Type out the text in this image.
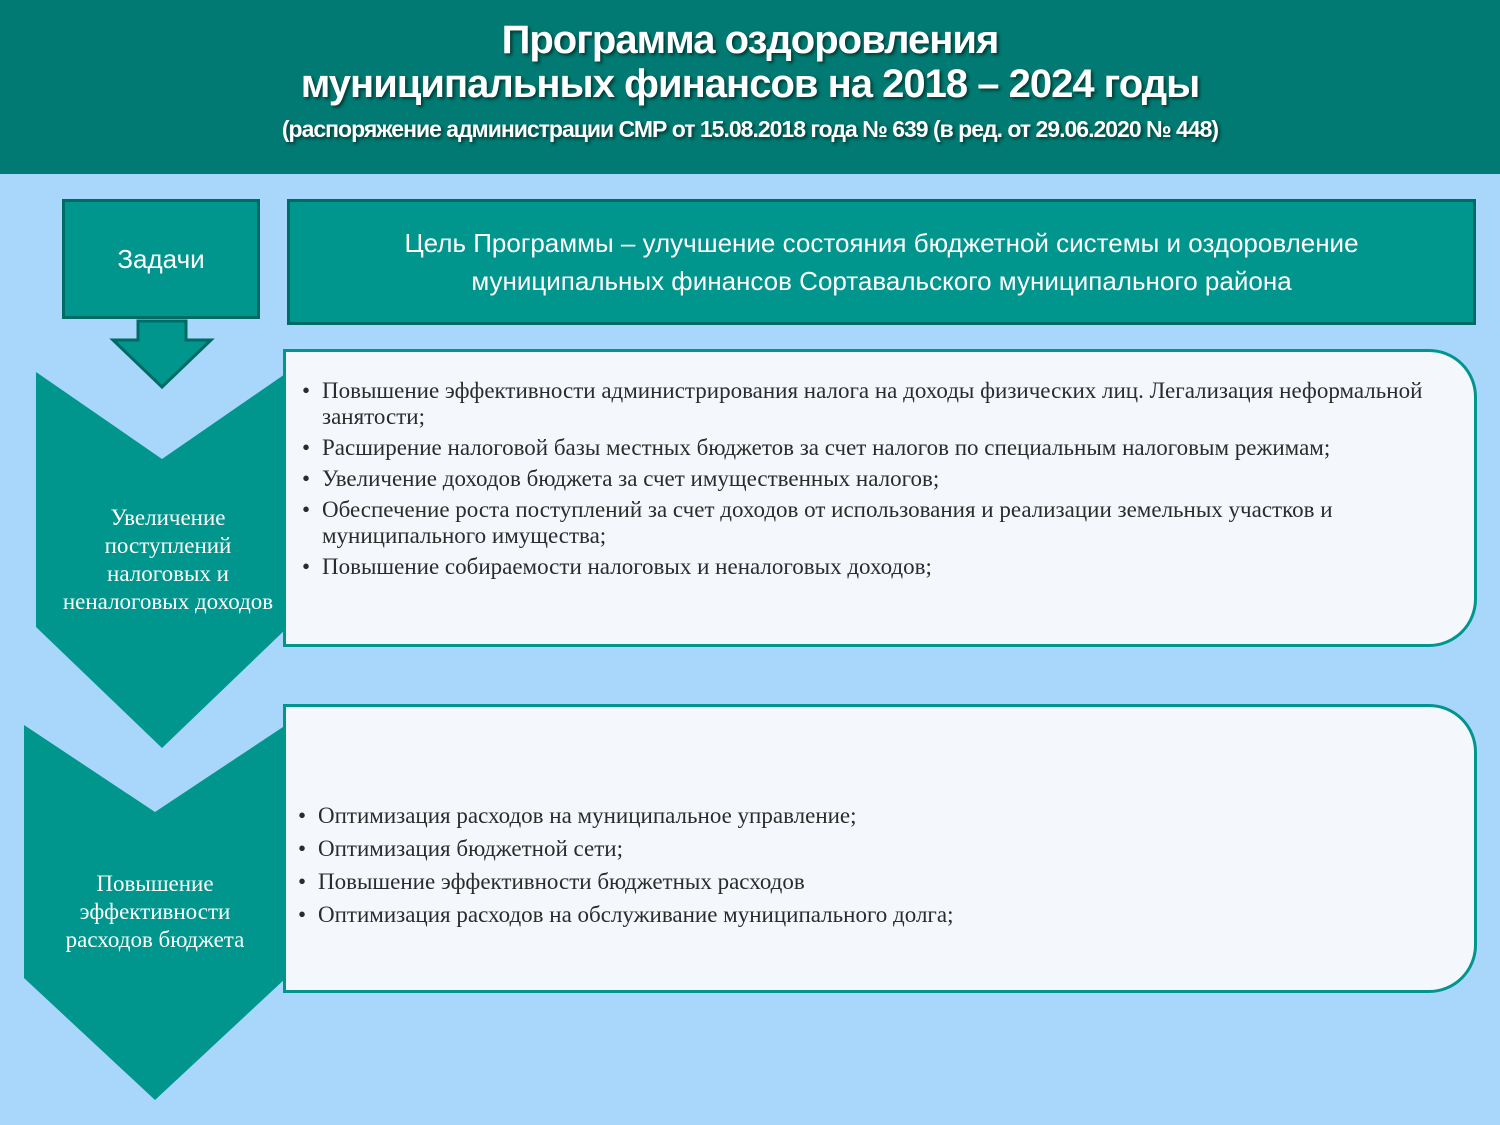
Программа оздоровления
муниципальных финансов на 2018 – 2024 годы
(распоряжение администрации СМР от 15.08.2018 года № 639 (в ред. от 29.06.2020 № 448)
Задачи
Цель Программы – улучшение состояния бюджетной системы и оздоровление муниципальных финансов Сортавальского муниципального района
Увеличение
поступлений
налоговых и
неналоговых доходов
Повышение
эффективности
расходов бюджета
• Повышение эффективности администрирования налога на доходы физических лиц. Легализация неформальной занятости;
• Расширение налоговой базы местных бюджетов за счет налогов по специальным налоговым режимам;
• Увеличение доходов бюджета за счет имущественных налогов;
• Обеспечение роста поступлений за счет доходов от использования и реализации земельных участков и муниципального имущества;
• Повышение собираемости налоговых и неналоговых доходов;
• Оптимизация расходов на муниципальное управление;
• Оптимизация бюджетной сети;
• Повышение эффективности бюджетных расходов
• Оптимизация расходов на обслуживание муниципального долга;
